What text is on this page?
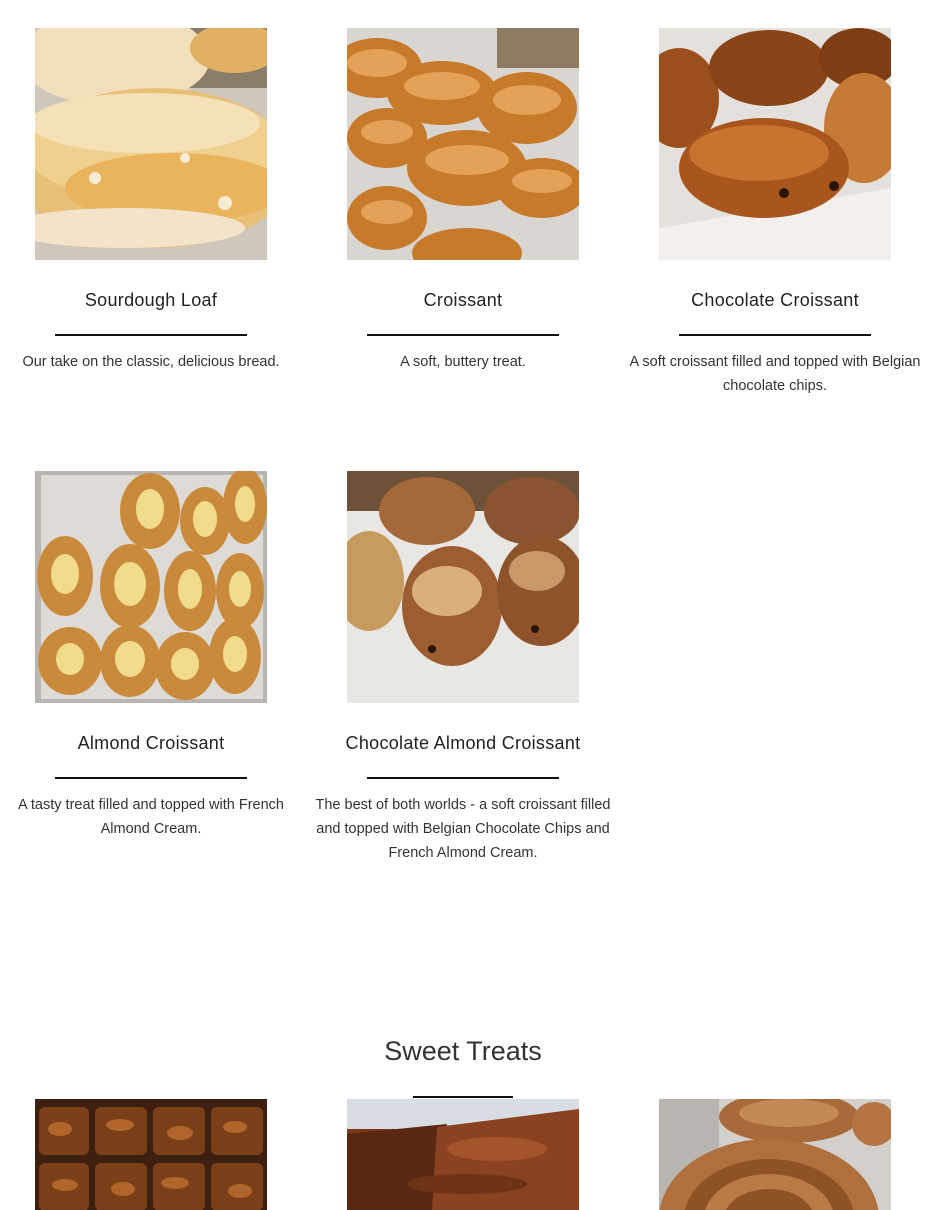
Sourdough Loaf
Our take on the classic, delicious bread.
Croissant
A soft, buttery treat.
Chocolate Croissant
A soft croissant filled and topped with Belgian chocolate chips.
Almond Croissant
A tasty treat filled and topped with French Almond Cream.
Chocolate Almond Croissant
The best of both worlds - a soft croissant filled and topped with Belgian Chocolate Chips and French Almond Cream.
Sweet Treats
